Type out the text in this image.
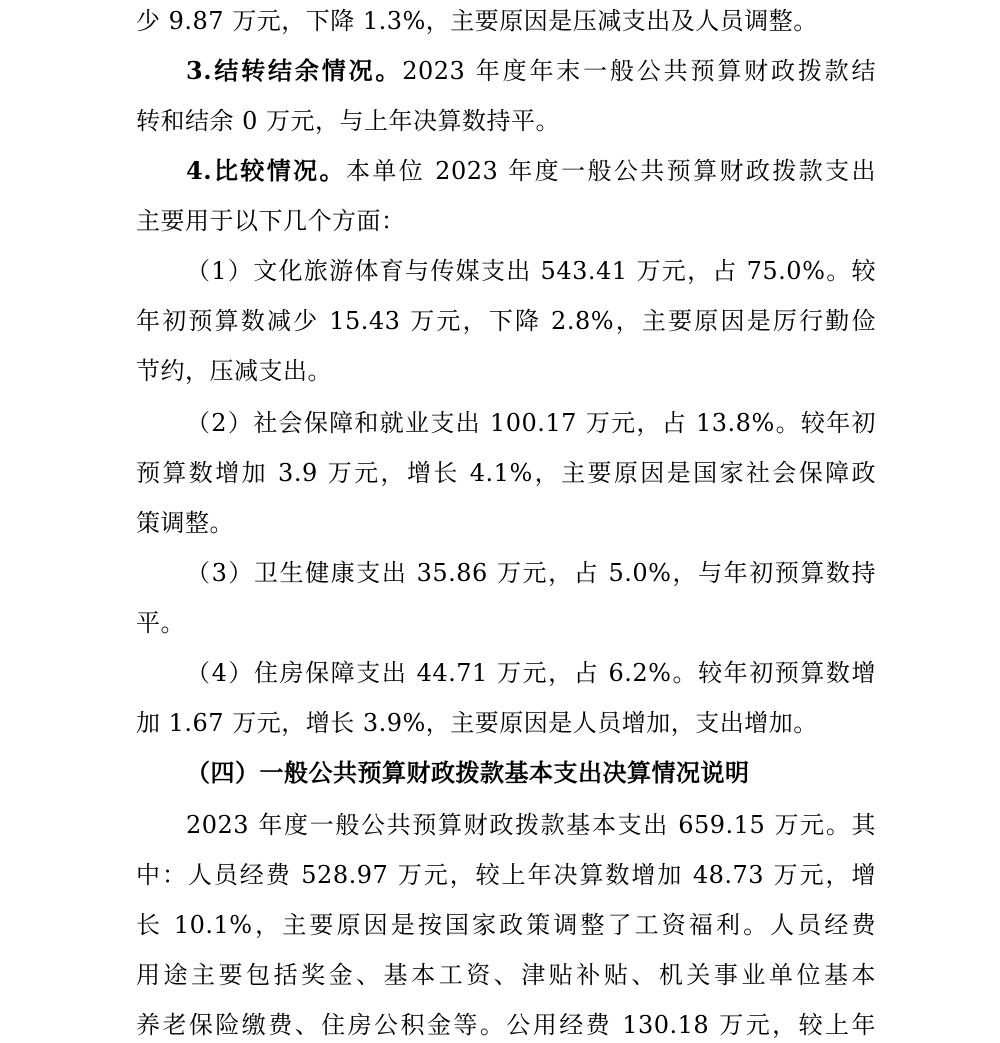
少 9.87 万元，下降 1.3%，主要原因是压减支出及人员调整。
3.结转结余情况。2023 年度年末一般公共预算财政拨款结
转和结余 0 万元，与上年决算数持平。
4.比较情况。本单位 2023 年度一般公共预算财政拨款支出
主要用于以下几个方面：
（1）文化旅游体育与传媒支出 543.41 万元，占 75.0%。较
年初预算数减少 15.43 万元，下降 2.8%，主要原因是厉行勤俭
节约，压减支出。
（2）社会保障和就业支出 100.17 万元，占 13.8%。较年初
预算数增加 3.9 万元，增长 4.1%，主要原因是国家社会保障政
策调整。
（3）卫生健康支出 35.86 万元，占 5.0%，与年初预算数持
平。
（4）住房保障支出 44.71 万元，占 6.2%。较年初预算数增
加 1.67 万元，增长 3.9%，主要原因是人员增加，支出增加。
（四）一般公共预算财政拨款基本支出决算情况说明
2023 年度一般公共预算财政拨款基本支出 659.15 万元。其
中：人员经费 528.97 万元，较上年决算数增加 48.73 万元，增
长 10.1%，主要原因是按国家政策调整了工资福利。人员经费
用途主要包括奖金、基本工资、津贴补贴、机关事业单位基本
养老保险缴费、住房公积金等。公用经费 130.18 万元，较上年
